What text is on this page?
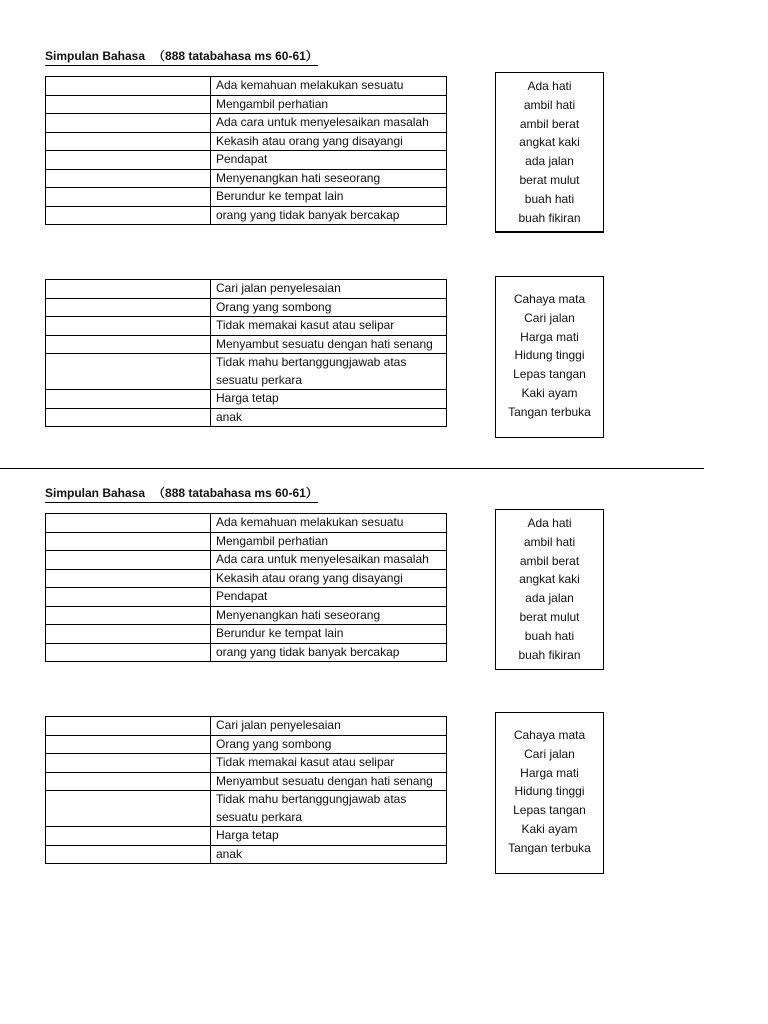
Simpulan Bahasa （888 tatabahasa ms 60-61）
	Ada kemahuan melakukan sesuatu
	Mengambil perhatian
	Ada cara untuk menyelesaikan masalah
	Kekasih atau orang yang disayangi
	Pendapat
	Menyenangkan hati seseorang
	Berundur ke tempat lain
	orang yang tidak banyak bercakap
Ada hati
ambil hati
ambil berat
angkat kaki
ada jalan
berat mulut
buah hati
buah fikiran
	Cari jalan penyelesaian
	Orang yang sombong
	Tidak memakai kasut atau selipar
	Menyambut sesuatu dengan hati senang
	Tidak mahu bertanggungjawab atas sesuatu perkara
	Harga tetap
	anak
Cahaya mata
Cari jalan
Harga mati
Hidung tinggi
Lepas tangan
Kaki ayam
Tangan terbuka
Simpulan Bahasa （888 tatabahasa ms 60-61）
	Ada kemahuan melakukan sesuatu
	Mengambil perhatian
	Ada cara untuk menyelesaikan masalah
	Kekasih atau orang yang disayangi
	Pendapat
	Menyenangkan hati seseorang
	Berundur ke tempat lain
	orang yang tidak banyak bercakap
Ada hati
ambil hati
ambil berat
angkat kaki
ada jalan
berat mulut
buah hati
buah fikiran
	Cari jalan penyelesaian
	Orang yang sombong
	Tidak memakai kasut atau selipar
	Menyambut sesuatu dengan hati senang
	Tidak mahu bertanggungjawab atas sesuatu perkara
	Harga tetap
	anak
Cahaya mata
Cari jalan
Harga mati
Hidung tinggi
Lepas tangan
Kaki ayam
Tangan terbuka
